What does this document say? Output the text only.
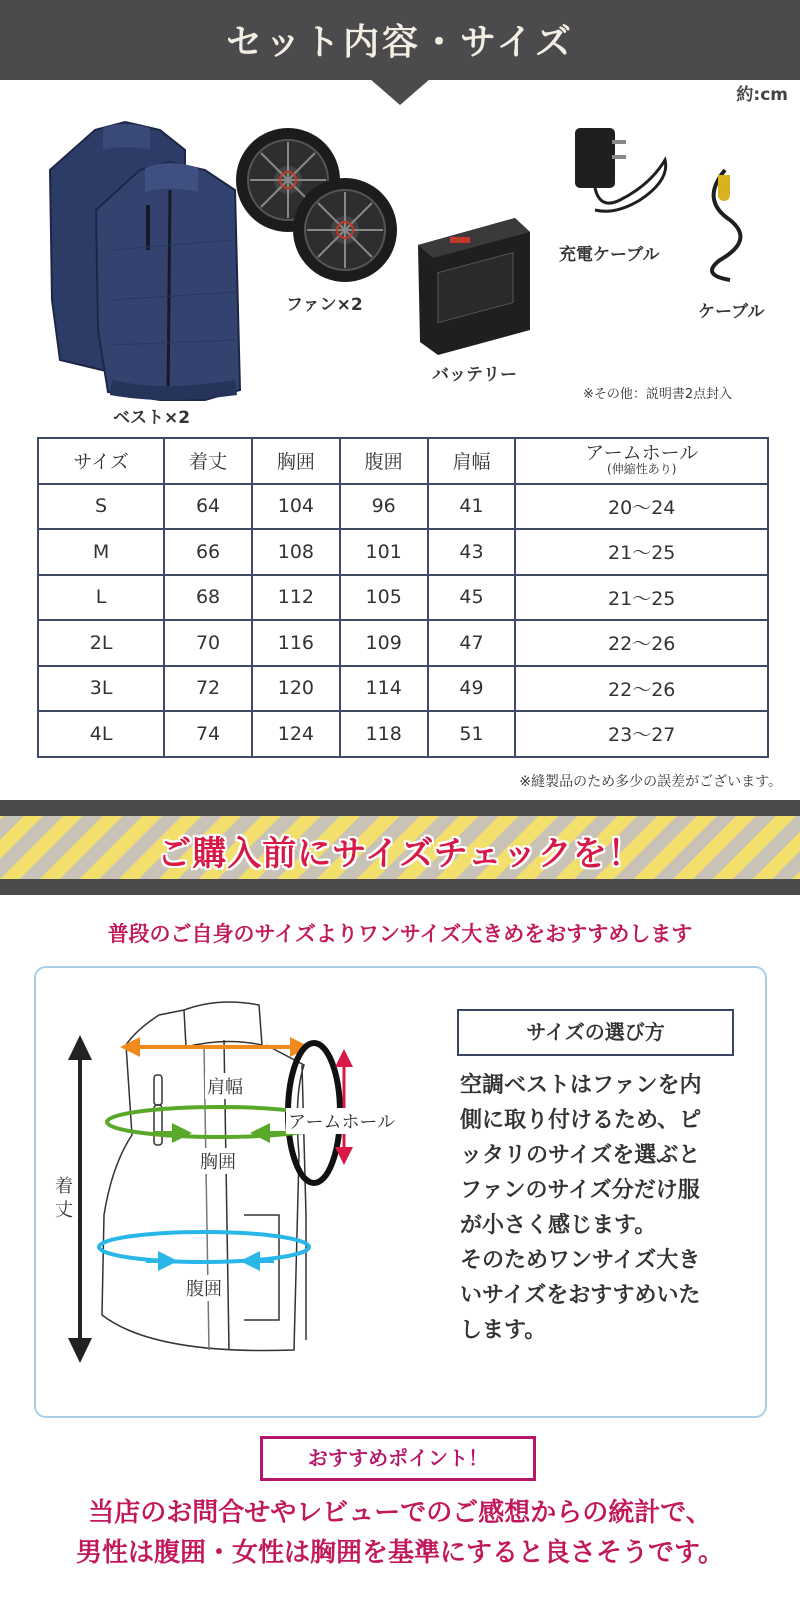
セット内容・サイズ
約:cm
ベスト×2
ファン×2
バッテリー
充電ケーブル
ケーブル
※その他：説明書2点封入
サイズ	着丈	胸囲	腹囲	肩幅	アームホール
(伸縮性あり)

S	64	104	96	41	20～24
M	66	108	101	43	21～25
L	68	112	105	45	21～25
2L	70	116	109	47	22～26
3L	72	120	114	49	22～26
4L	74	124	118	51	23～27
※縫製品のため多少の誤差がございます。
ご購入前にサイズチェックを！
普段のご自身のサイズよりワンサイズ大きめをおすすめします
肩幅
アームホール
胸囲
腹囲
着丈
サイズの選び方

空調ベストはファンを内

側に取り付けるため、ピ

ッタリのサイズを選ぶと

ファンのサイズ分だけ服

が小さく感じます。

そのためワンサイズ大き

いサイズをおすすめいた

します。

おすすめポイント！
当店のお問合せやレビューでのご感想からの統計で、
男性は腹囲・女性は胸囲を基準にすると良さそうです。
